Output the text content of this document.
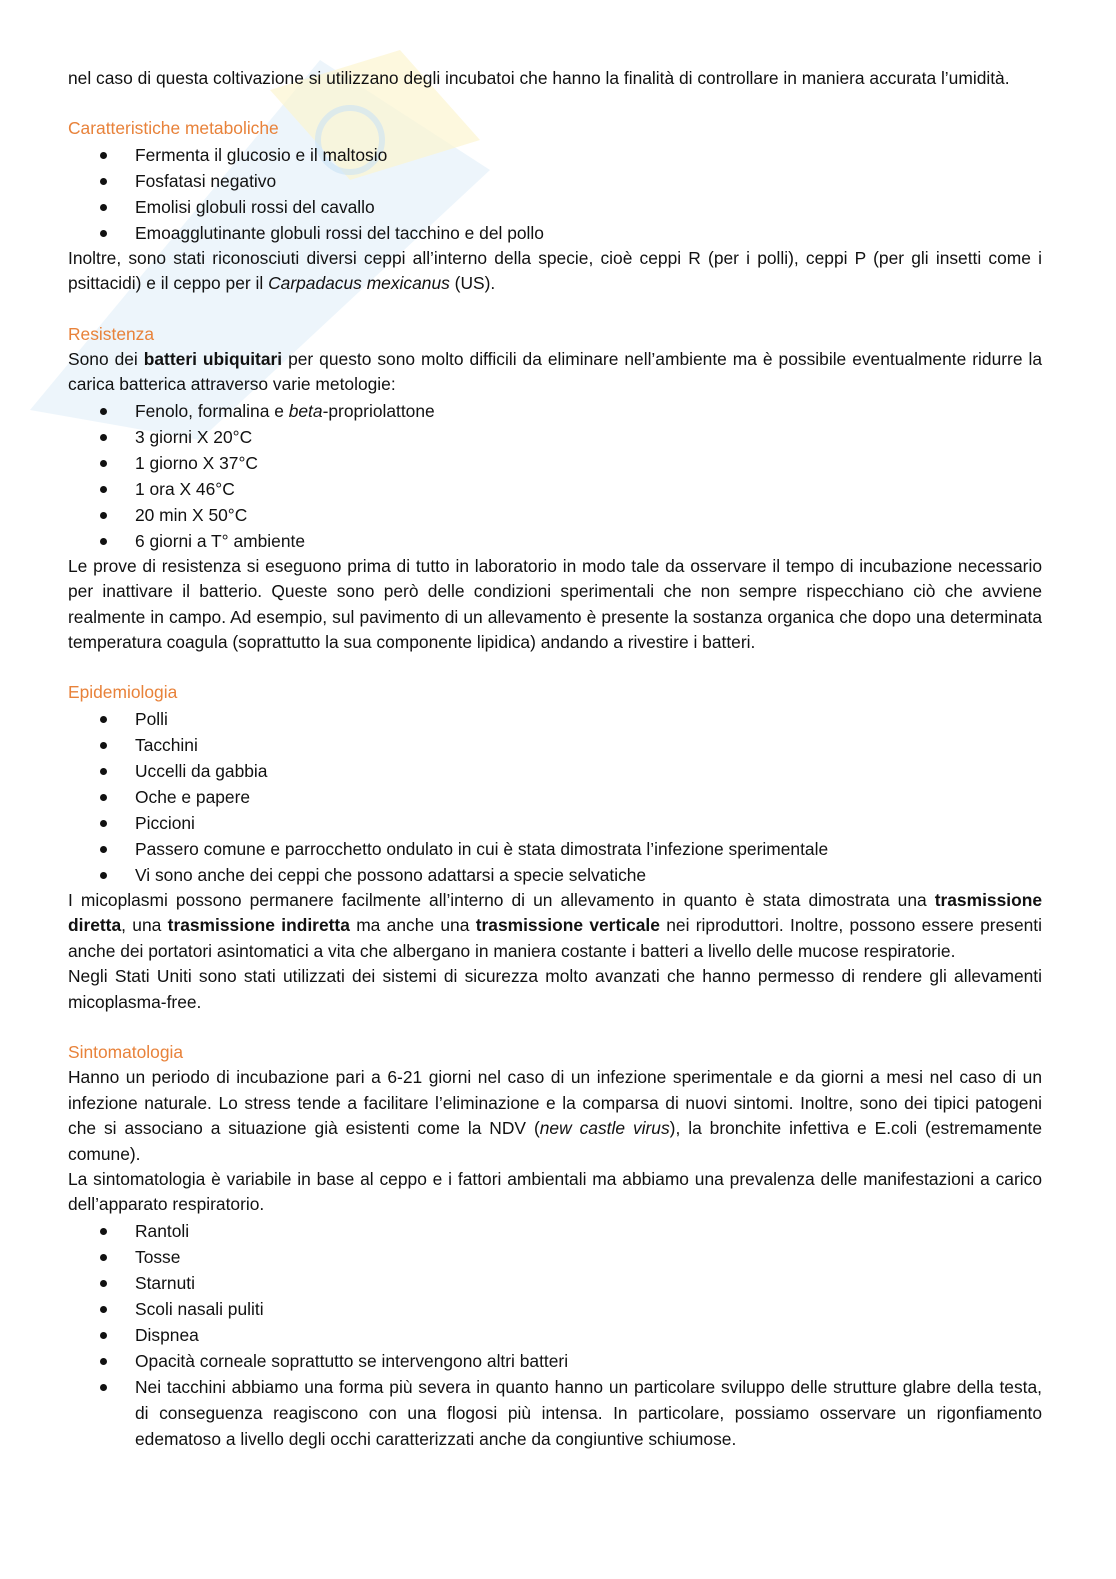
nel caso di questa coltivazione si utilizzano degli incubatoi che hanno la finalità di controllare in maniera accurata l’umidità.

Caratteristiche metaboliche
Fermenta il glucosio e il maltosio
Fosfatasi negativo
Emolisi globuli rossi del cavallo
Emoagglutinante globuli rossi del tacchino e del pollo

Inoltre, sono stati riconosciuti diversi ceppi all’interno della specie, cioè ceppi R (per i polli), ceppi P (per gli insetti come i psittacidi) e il ceppo per il Carpadacus mexicanus (US).

Resistenza

Sono dei batteri ubiquitari per questo sono molto difficili da eliminare nell’ambiente ma è possibile eventualmente ridurre la carica batterica attraverso varie metologie:

Fenolo, formalina e beta-propriolattone
3 giorni X 20°C
1 giorno X 37°C
1 ora X 46°C
20 min X 50°C
6 giorni a T° ambiente

Le prove di resistenza si eseguono prima di tutto in laboratorio in modo tale da osservare il tempo di incubazione necessario per inattivare il batterio. Queste sono però delle condizioni sperimentali che non sempre rispecchiano ciò che avviene realmente in campo. Ad esempio, sul pavimento di un allevamento è presente la sostanza organica che dopo una determinata temperatura coagula (soprattutto la sua componente lipidica) andando a rivestire i batteri.

Epidemiologia
Polli
Tacchini
Uccelli da gabbia
Oche e papere
Piccioni
Passero comune e parrocchetto ondulato in cui è stata dimostrata l’infezione sperimentale
Vi sono anche dei ceppi che possono adattarsi a specie selvatiche

I micoplasmi possono permanere facilmente all’interno di un allevamento in quanto è stata dimostrata una trasmissione diretta, una trasmissione indiretta ma anche una trasmissione verticale nei riproduttori. Inoltre, possono essere presenti anche dei portatori asintomatici a vita che albergano in maniera costante i batteri a livello delle mucose respiratorie.

Negli Stati Uniti sono stati utilizzati dei sistemi di sicurezza molto avanzati che hanno permesso di rendere gli allevamenti micoplasma-free.

Sintomatologia

Hanno un periodo di incubazione pari a 6-21 giorni nel caso di un infezione sperimentale e da giorni a mesi nel caso di un infezione naturale. Lo stress tende a facilitare l’eliminazione e la comparsa di nuovi sintomi. Inoltre, sono dei tipici patogeni che si associano a situazione già esistenti come la NDV (new castle virus), la bronchite infettiva e E.coli (estremamente comune).

La sintomatologia è variabile in base al ceppo e i fattori ambientali ma abbiamo una prevalenza delle manifestazioni a carico dell’apparato respiratorio.

Rantoli
Tosse
Starnuti
Scoli nasali puliti
Dispnea
Opacità corneale soprattutto se intervengono altri batteri
Nei tacchini abbiamo una forma più severa in quanto hanno un particolare sviluppo delle strutture glabre della testa, di conseguenza reagiscono con una flogosi più intensa. In particolare, possiamo osservare un rigonfiamento edematoso a livello degli occhi caratterizzati anche da congiuntive schiumose.
